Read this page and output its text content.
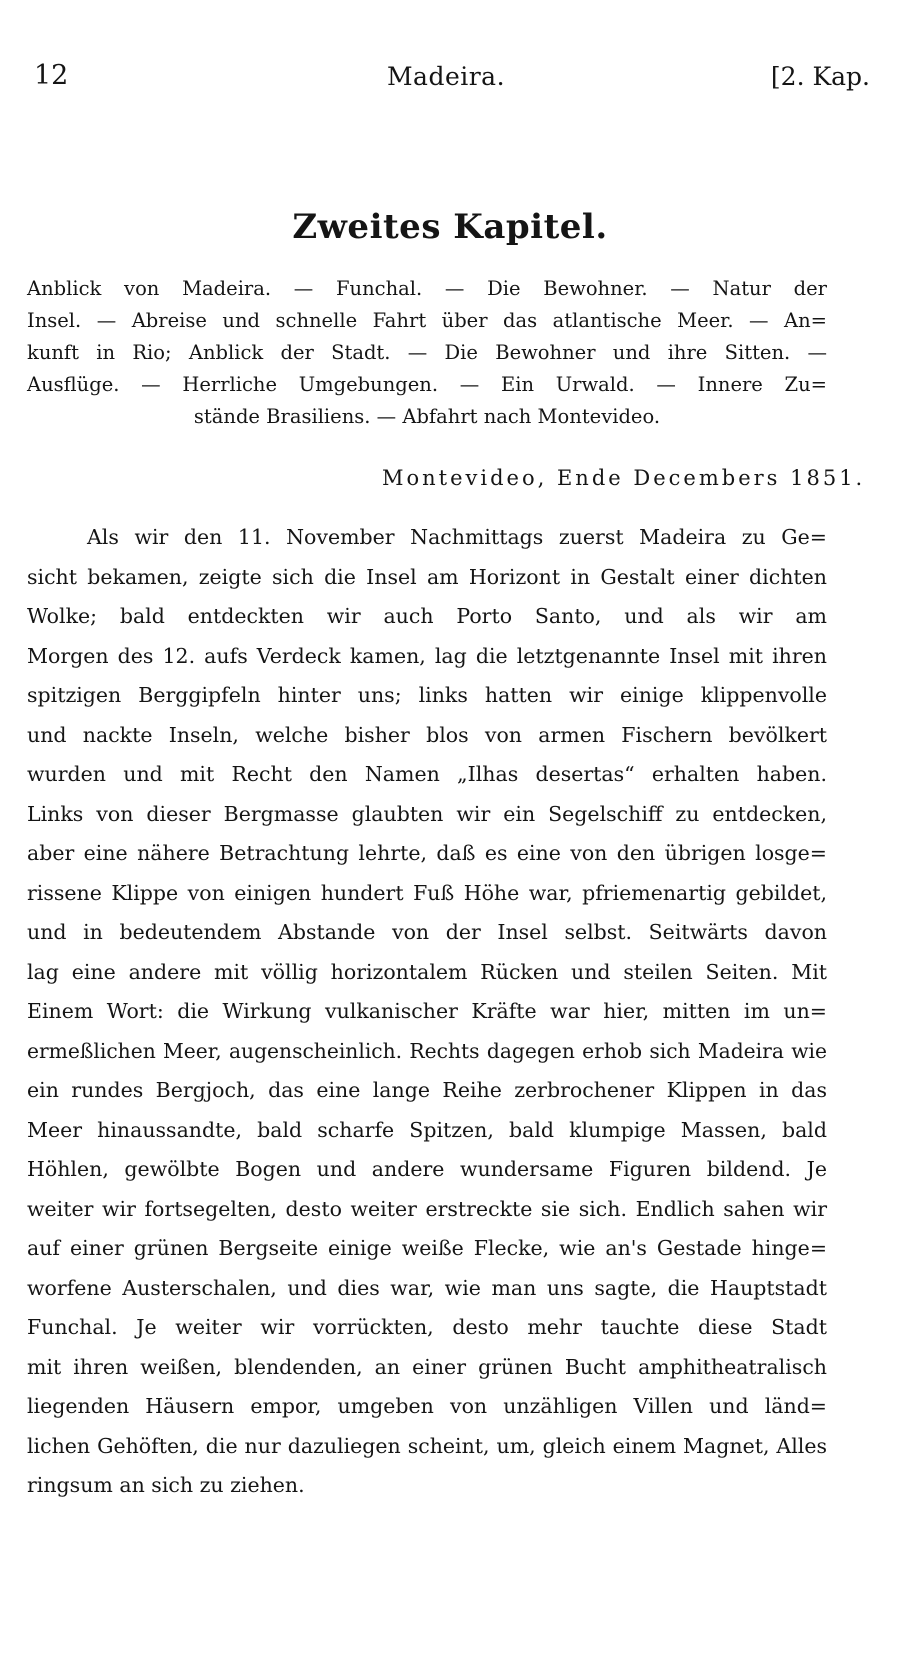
12	Madeira.	[2. Kap.
Zweites Kapitel.
Anblick von Madeira. — Funchal. — Die Bewohner. — Natur der
Insel. — Abreise und schnelle Fahrt über das atlantische Meer. — An=
kunft in Rio; Anblick der Stadt. — Die Bewohner und ihre Sitten. —
Ausflüge. — Herrliche Umgebungen. — Ein Urwald. — Innere Zu=
stände Brasiliens. — Abfahrt nach Montevideo.
Montevideo, Ende Decembers 1851.
Als wir den 11. November Nachmittags zuerst Madeira zu Ge=
sicht bekamen, zeigte sich die Insel am Horizont in Gestalt einer dichten
Wolke; bald entdeckten wir auch Porto Santo, und als wir am
Morgen des 12. aufs Verdeck kamen, lag die letztgenannte Insel mit ihren
spitzigen Berggipfeln hinter uns; links hatten wir einige klippenvolle
und nackte Inseln, welche bisher blos von armen Fischern bevölkert
wurden und mit Recht den Namen „Ilhas desertas“ erhalten haben.
Links von dieser Bergmasse glaubten wir ein Segelschiff zu entdecken,
aber eine nähere Betrachtung lehrte, daß es eine von den übrigen losge=
rissene Klippe von einigen hundert Fuß Höhe war, pfriemenartig gebildet,
und in bedeutendem Abstande von der Insel selbst. Seitwärts davon
lag eine andere mit völlig horizontalem Rücken und steilen Seiten. Mit
Einem Wort: die Wirkung vulkanischer Kräfte war hier, mitten im un=
ermeßlichen Meer, augenscheinlich. Rechts dagegen erhob sich Madeira wie
ein rundes Bergjoch, das eine lange Reihe zerbrochener Klippen in das
Meer hinaussandte, bald scharfe Spitzen, bald klumpige Massen, bald
Höhlen, gewölbte Bogen und andere wundersame Figuren bildend. Je
weiter wir fortsegelten, desto weiter erstreckte sie sich. Endlich sahen wir
auf einer grünen Bergseite einige weiße Flecke, wie an's Gestade hinge=
worfene Austerschalen, und dies war, wie man uns sagte, die Hauptstadt
Funchal. Je weiter wir vorrückten, desto mehr tauchte diese Stadt
mit ihren weißen, blendenden, an einer grünen Bucht amphitheatralisch
liegenden Häusern empor, umgeben von unzähligen Villen und länd=
lichen Gehöften, die nur dazuliegen scheint, um, gleich einem Magnet, Alles
ringsum an sich zu ziehen.
